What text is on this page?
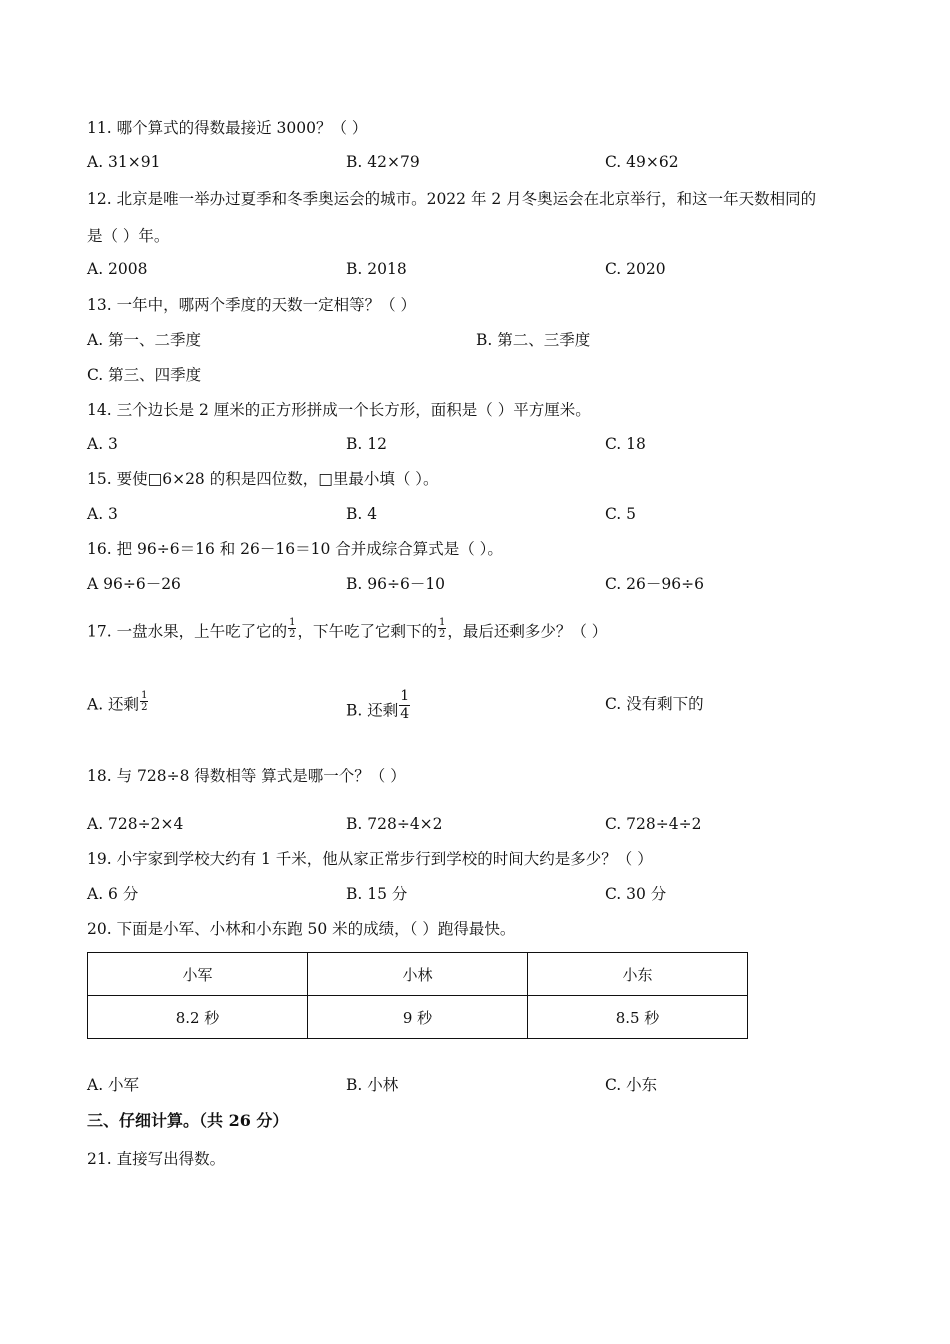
11. 哪个算式的得数最接近 3000？（ ）
A. 31×91	B. 42×79	C. 49×62
12. 北京是唯一举办过夏季和冬季奥运会的城市。2022 年 2 月冬奥运会在北京举行，和这一年天数相同的
是（ ）年。
A. 2008	B. 2018	C. 2020
13. 一年中，哪两个季度的天数一定相等？（ ）
A. 第一、二季度	B. 第二、三季度
C. 第三、四季度
14. 三个边长是 2 厘米的正方形拼成一个长方形，面积是（ ）平方厘米。
A. 3	B. 12	C. 18
15. 要使□6×28 的积是四位数，□里最小填（ ）。
A. 3	B. 4	C. 5
16. 把 96÷6＝16 和 26－16＝10 合并成综合算式是（ ）。
A 96÷6－26	B. 96÷6－10	C. 26－96÷6
17. 一盘水果，上午吃了它的 $\frac{1}{2}$ ，下午吃了它剩下的 $\frac{1}{2}$ ，最后还剩多少？（ ）
A. 还剩 $\frac{1}{2}$	B. 还剩 $\frac{1}{4}$	C. 没有剩下的
18. 与 728÷8 得数相等 算式是哪一个？（ ）
A. 728÷2×4	B. 728÷4×2	C. 728÷4÷2
19. 小宇家到学校大约有 1 千米，他从家正常步行到学校的时间大约是多少？（ ）
A. 6 分	B. 15 分	C. 30 分
20. 下面是小军、小林和小东跑 50 米的成绩，（ ）跑得最快。
小军	小林	小东
8.2 秒	9 秒	8.5 秒
A. 小军	B. 小林	C. 小东
三、仔细计算。（共 26 分）
21. 直接写出得数。
